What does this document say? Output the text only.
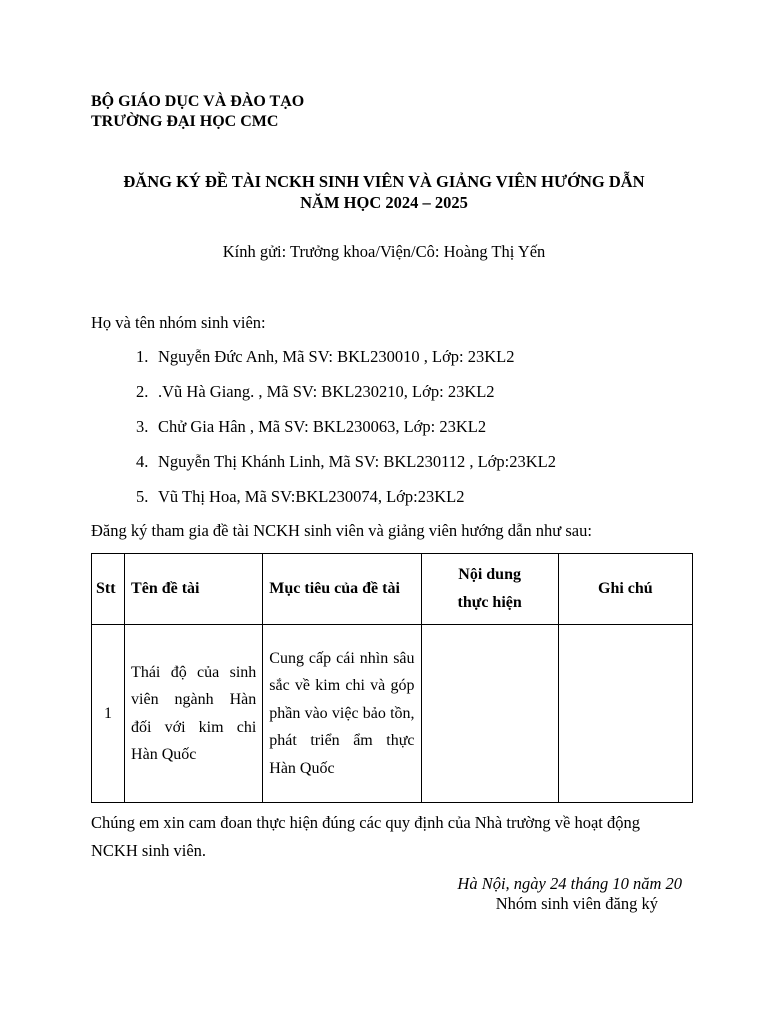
BỘ GIÁO DỤC VÀ ĐÀO TẠO
TRƯỜNG ĐẠI HỌC CMC
ĐĂNG KÝ ĐỀ TÀI NCKH SINH VIÊN VÀ GIẢNG VIÊN HƯỚNG DẪN
NĂM HỌC 2024 – 2025
Kính gửi: Trưởng khoa/Viện/Cô: Hoàng Thị Yến
Họ và tên nhóm sinh viên:
1. Nguyễn Đức Anh, Mã SV: BKL230010 , Lớp: 23KL2
2. .Vũ Hà Giang. , Mã SV: BKL230210, Lớp: 23KL2
3. Chử Gia Hân , Mã SV: BKL230063, Lớp: 23KL2
4. Nguyễn Thị Khánh Linh, Mã SV: BKL230112 , Lớp:23KL2
5. Vũ Thị Hoa, Mã SV:BKL230074, Lớp:23KL2
Đăng ký tham gia đề tài NCKH sinh viên và giảng viên hướng dẫn như sau:
Stt	Tên đề tài	Mục tiêu của đề tài	Nội dung
thực hiện	Ghi chú
1	Thái độ của sinh viên ngành Hàn đối với kim chi Hàn Quốc	Cung cấp cái nhìn sâu sắc về kim chi và góp phần vào việc bảo tồn, phát triển ẩm thực Hàn Quốc		
Chúng em xin cam đoan thực hiện đúng các quy định của Nhà trường về hoạt động
NCKH sinh viên.
Hà Nội, ngày 24 tháng 10 năm 20
Nhóm sinh viên đăng ký
